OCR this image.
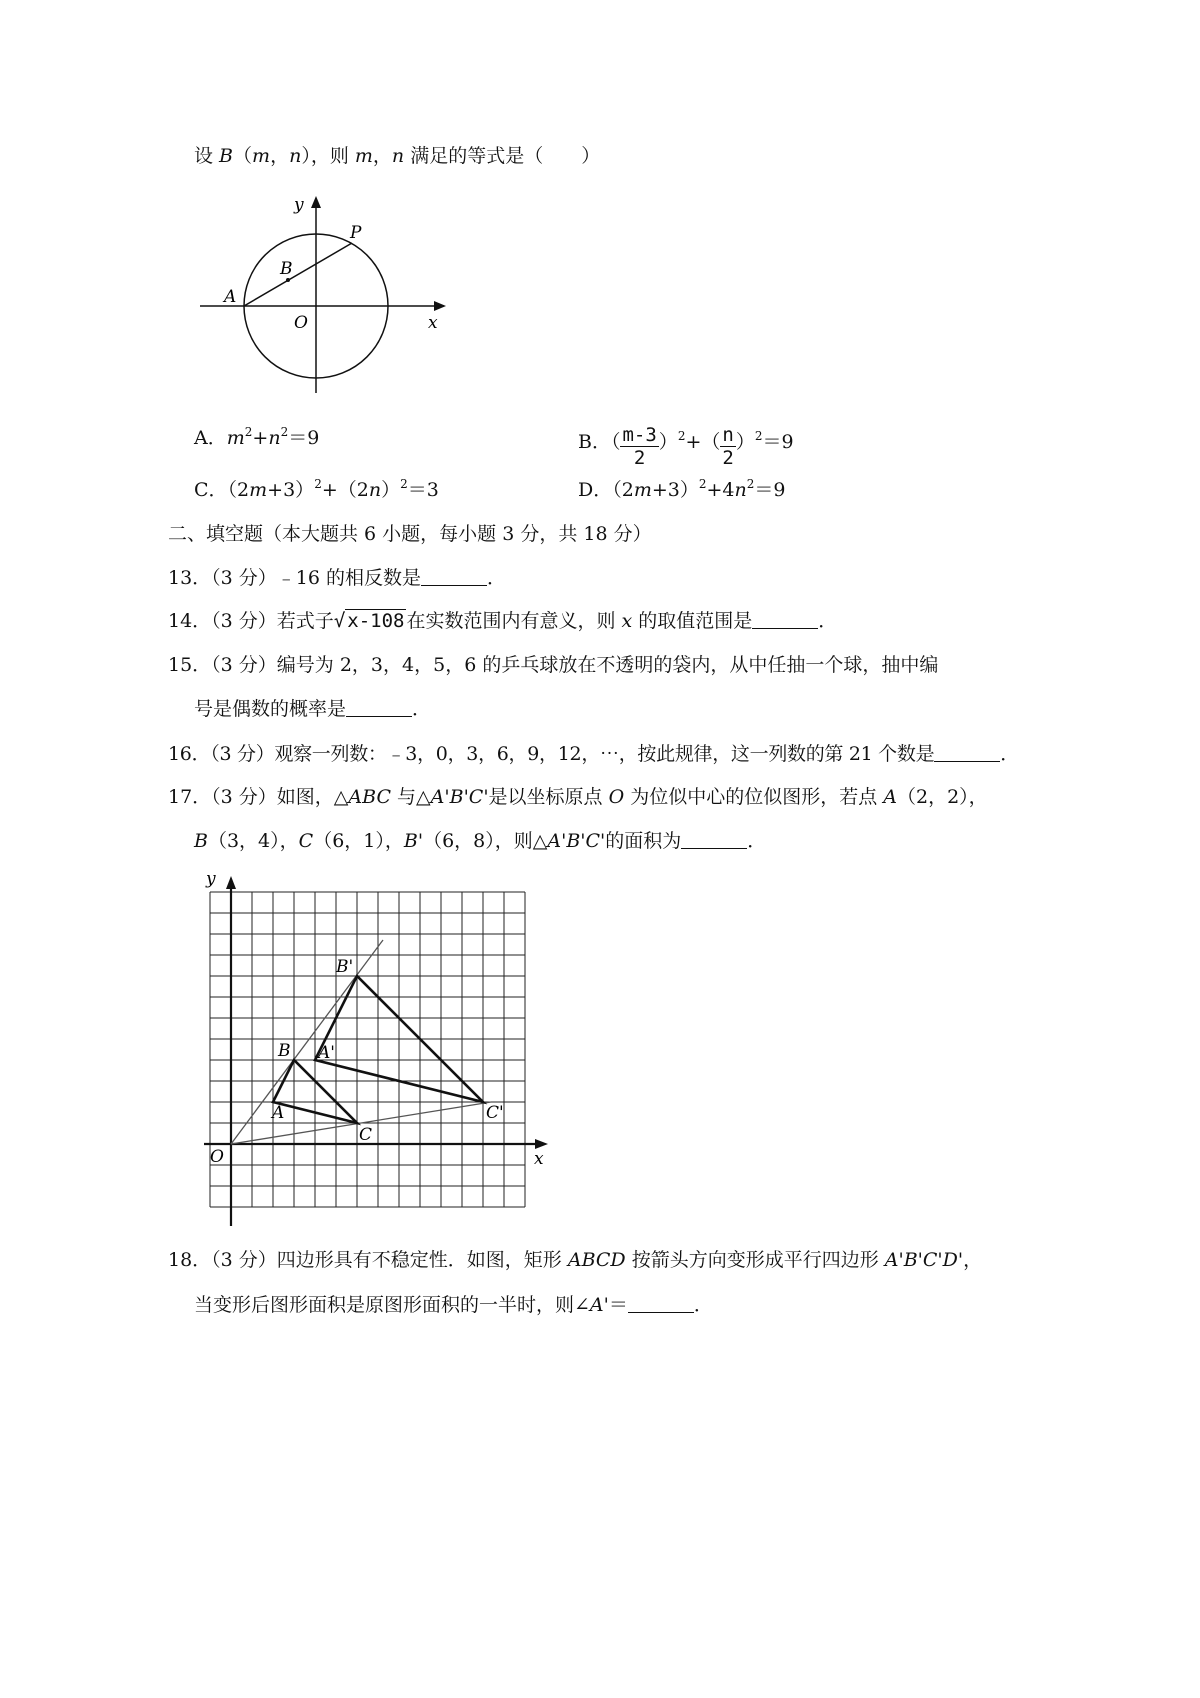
设 B（m，n），则 m，n 满足的等式是（　　）
y
x
P
B
A
O
A．$m^2+n^2=9$	B．（ $\frac{m-3}{2} )^2+( \frac{n}{2} )^2=9$
C．$(2m+3)^2+(2n)^2=3$	D．$(2m+3)^2+4n^2=9$
二、填空题（本大题共 6 小题，每小题 3 分，共 18 分）
13．（3 分）﹣16 的相反数是	．
14．（3 分）若式子√ x-108 在实数范围内有意义，则 x 的取值范围是	．
15．（3 分）编号为 2，3，4，5，6 的乒乓球放在不透明的袋内，从中任抽一个球，抽中编
号是偶数的概率是	．
16．（3 分）观察一列数：﹣3，0，3，6，9，12，⋯，按此规律，这一列数的第 21 个数是	．
17．（3 分）如图，△ABC 与△A'B'C'是以坐标原点 O 为位似中心的位似图形，若点 A（2，2），
B（3，4），C（6，1），B'（6，8），则△A'B'C'的面积为	．
y
x
O
A
B
C
A'
B'
C'
18．（3 分）四边形具有不稳定性．如图，矩形 ABCD 按箭头方向变形成平行四边形 A'B'C'D'，
当变形后图形面积是原图形面积的一半时，则∠A'＝	．
